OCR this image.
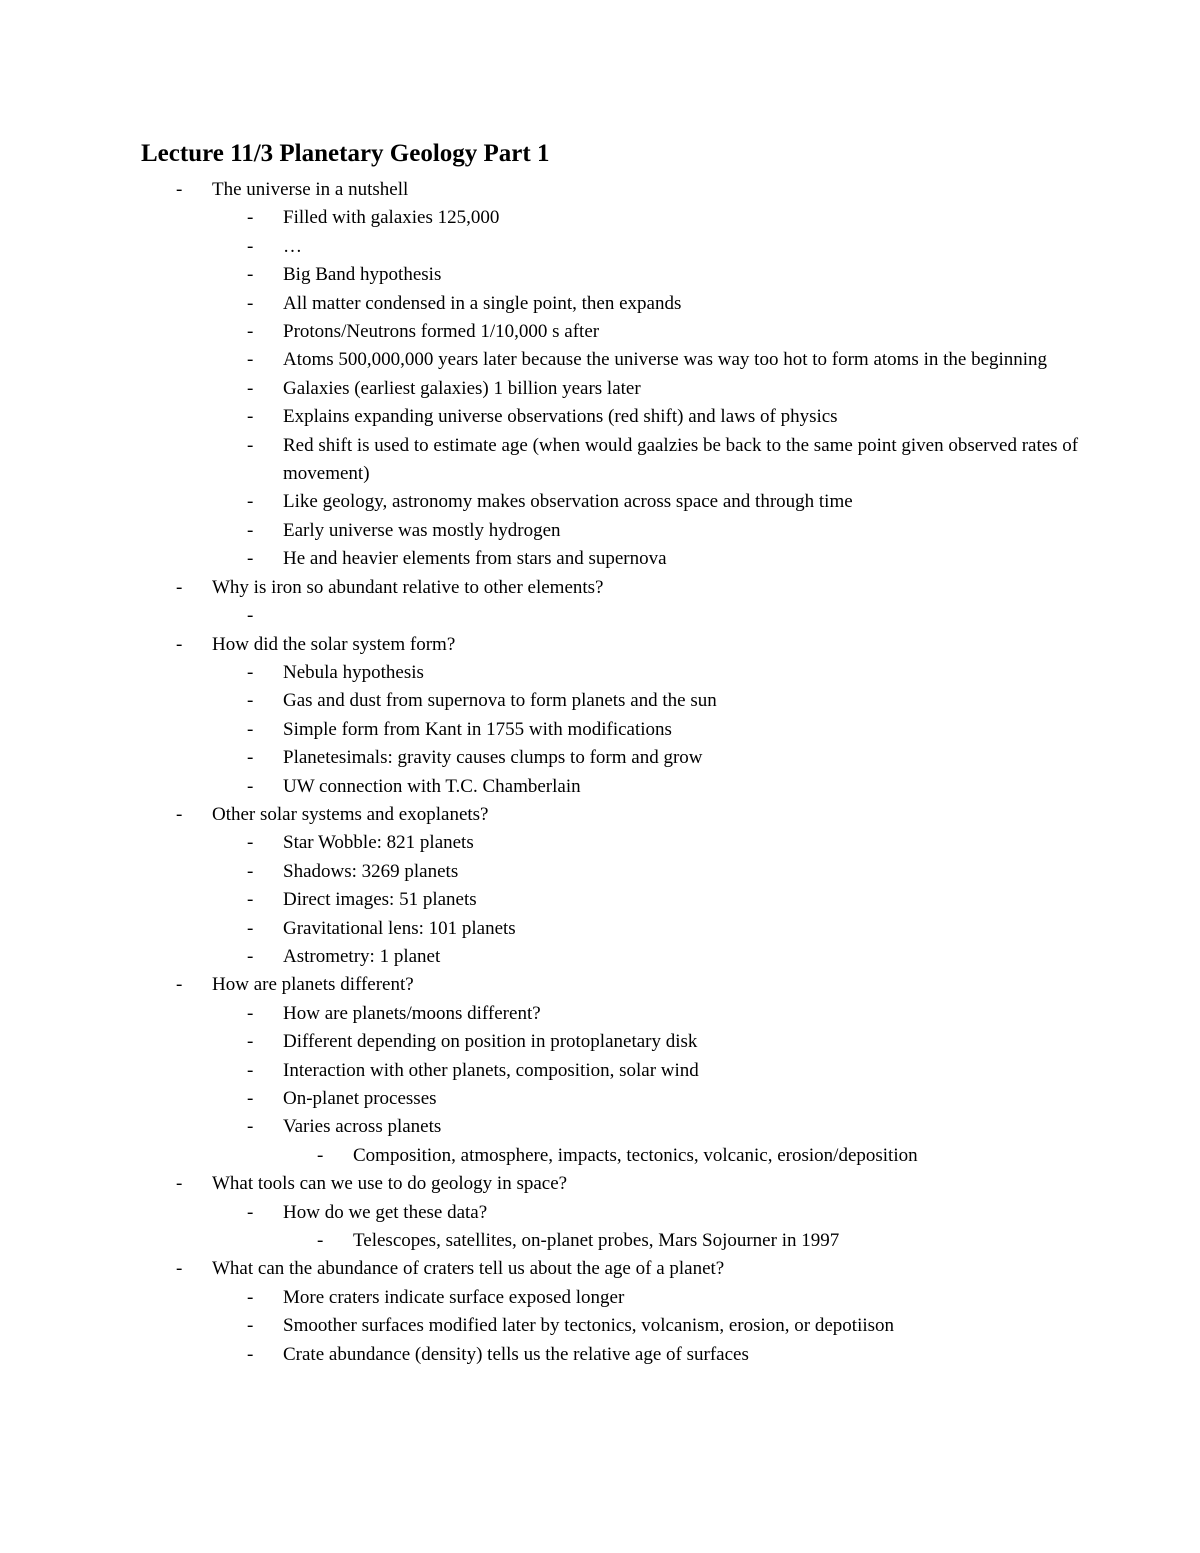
Lecture 11/3 Planetary Geology Part 1
- The universe in a nutshell
- Filled with galaxies 125,000
- …
- Big Band hypothesis
- All matter condensed in a single point, then expands
- Protons/Neutrons formed 1/10,000 s after
- Atoms 500,000,000 years later because the universe was way too hot to form atoms in the beginning
- Galaxies (earliest galaxies) 1 billion years later
- Explains expanding universe observations (red shift) and laws of physics
- Red shift is used to estimate age (when would gaalzies be back to the same point given observed rates of movement)
- Like geology, astronomy makes observation across space and through time
- Early universe was mostly hydrogen
- He and heavier elements from stars and supernova
- Why is iron so abundant relative to other elements?
-
- How did the solar system form?
- Nebula hypothesis
- Gas and dust from supernova to form planets and the sun
- Simple form from Kant in 1755 with modifications
- Planetesimals: gravity causes clumps to form and grow
- UW connection with T.C. Chamberlain
- Other solar systems and exoplanets?
- Star Wobble: 821 planets
- Shadows: 3269 planets
- Direct images: 51 planets
- Gravitational lens: 101 planets
- Astrometry: 1 planet
- How are planets different?
- How are planets/moons different?
- Different depending on position in protoplanetary disk
- Interaction with other planets, composition, solar wind
- On-planet processes
- Varies across planets
- Composition, atmosphere, impacts, tectonics, volcanic, erosion/deposition
- What tools can we use to do geology in space?
- How do we get these data?
- Telescopes, satellites, on-planet probes, Mars Sojourner in 1997
- What can the abundance of craters tell us about the age of a planet?
- More craters indicate surface exposed longer
- Smoother surfaces modified later by tectonics, volcanism, erosion, or depotiison
- Crate abundance (density) tells us the relative age of surfaces
